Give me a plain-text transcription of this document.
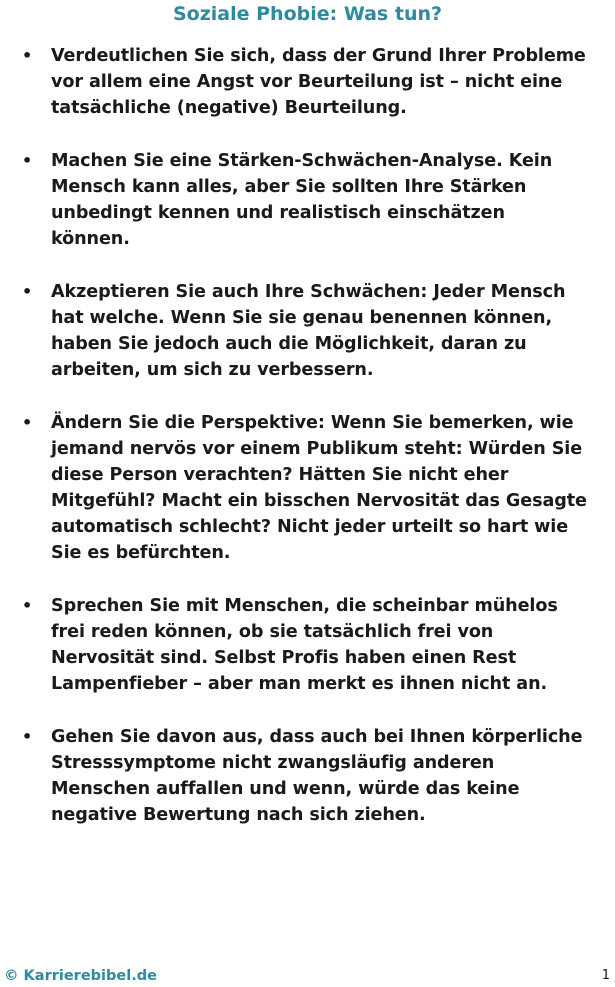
Soziale Phobie: Was tun?
•	Verdeutlichen Sie sich, dass der Grund Ihrer Probleme
vor allem eine Angst vor Beurteilung ist – nicht eine
tatsächliche (negative) Beurteilung.
•	Machen Sie eine Stärken-Schwächen-Analyse. Kein
Mensch kann alles, aber Sie sollten Ihre Stärken
unbedingt kennen und realistisch einschätzen
können.
•	Akzeptieren Sie auch Ihre Schwächen: Jeder Mensch
hat welche. Wenn Sie sie genau benennen können,
haben Sie jedoch auch die Möglichkeit, daran zu
arbeiten, um sich zu verbessern.
•	Ändern Sie die Perspektive: Wenn Sie bemerken, wie
jemand nervös vor einem Publikum steht: Würden Sie
diese Person verachten? Hätten Sie nicht eher
Mitgefühl? Macht ein bisschen Nervosität das Gesagte
automatisch schlecht? Nicht jeder urteilt so hart wie
Sie es befürchten.
•	Sprechen Sie mit Menschen, die scheinbar mühelos
frei reden können, ob sie tatsächlich frei von
Nervosität sind. Selbst Profis haben einen Rest
Lampenfieber – aber man merkt es ihnen nicht an.
•	Gehen Sie davon aus, dass auch bei Ihnen körperliche
Stresssymptome nicht zwangsläufig anderen
Menschen auffallen und wenn, würde das keine
negative Bewertung nach sich ziehen.
© Karrierebibel.de	1
